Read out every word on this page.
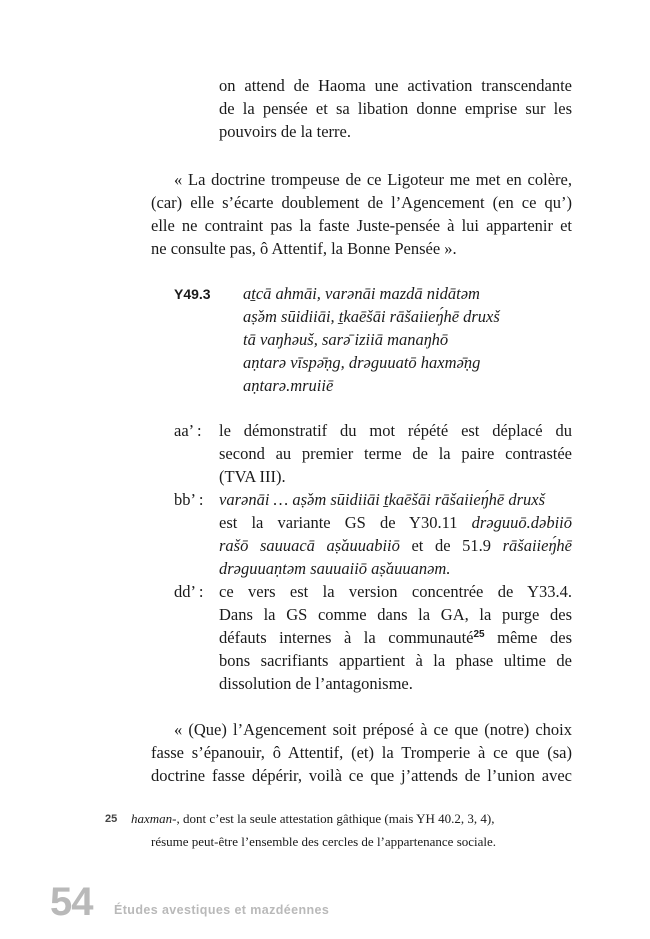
on attend de Haoma une activation transcendante
de la pensée et sa libation donne emprise sur les
pouvoirs de la terre.
« La doctrine trompeuse de ce Ligoteur me met en colère,
(car) elle s’écarte doublement de l’Agencement (en ce qu’)
elle ne contraint pas la faste Juste-pensée à lui appartenir et
ne consulte pas, ô Attentif, la Bonne Pensée ».
Y49.3 aṯcā ahmāi, varənāi mazdā nidātəm
aṣ̌əm sūidiiāi, ṯkaēšāi rāšaiieŋ́hē druxš
tā vaŋhəuš, sarə̄ iziiā manaŋhō
aṇtarə vīspə̄ṇg, drəguuatō haxmə̄ṇg
aṇtarə.mruiiē
aa’ : le démonstratif du mot répété est déplacé du
second au premier terme de la paire contrastée
(TVA III).
bb’ : varənāi … aṣ̌əm sūidiiāi ṯkaēšāi rāšaiieŋ́hē druxš
est la variante GS de Y30.11 drəguuō.dəbiiō
rašō sauuacā aṣ̌auuabiiō et de 51.9 rāšaiieŋ́hē
drəguuaṇtəm sauuaiiō aṣ̌auuanəm.
dd’ : ce vers est la version concentrée de Y33.4.
Dans la GS comme dans la GA, la purge des
défauts internes à la communauté$^{25}$ même des
bons sacrifiants appartient à la phase ultime de
dissolution de l’antagonisme.
« (Que) l’Agencement soit préposé à ce que (notre) choix
fasse s’épanouir, ô Attentif, (et) la Tromperie à ce que (sa)
doctrine fasse dépérir, voilà ce que j’attends de l’union avec
25 haxman-, dont c’est la seule attestation gâthique (mais YH 40.2, 3, 4),
résume peut-être l’ensemble des cercles de l’appartenance sociale.
54 Études avestiques et mazdéennes
